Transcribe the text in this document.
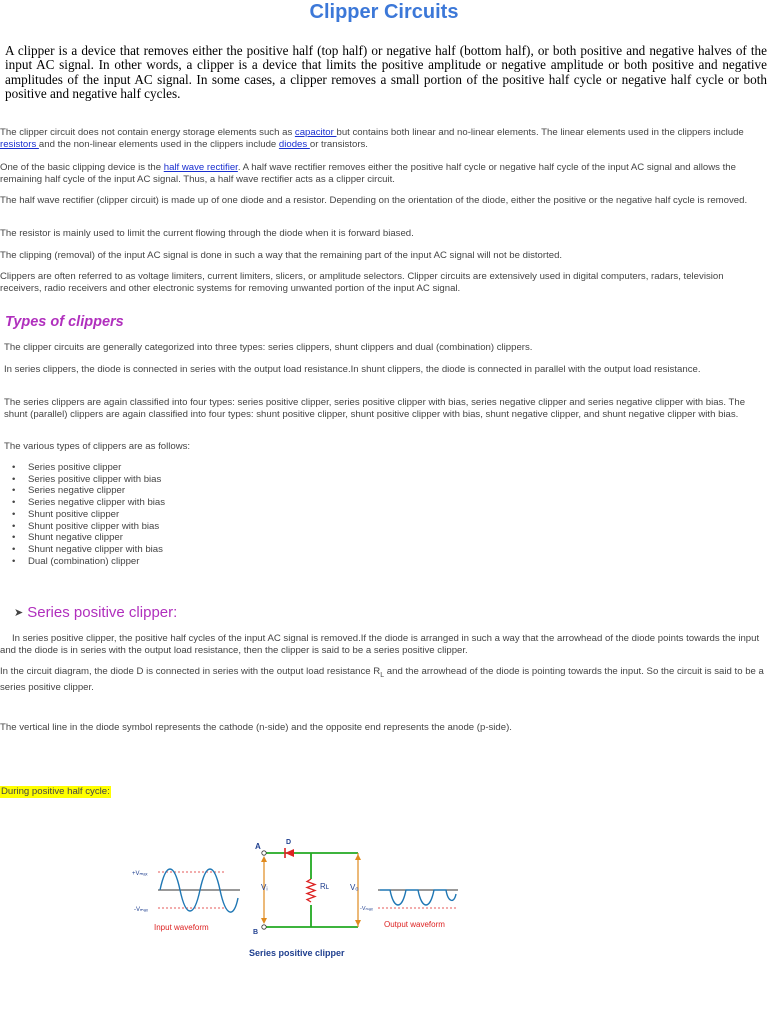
Clipper Circuits

A clipper is a device that removes either the positive half (top half) or negative half (bottom half), or both positive and negative halves of the input AC signal. In other words, a clipper is a device that limits the positive amplitude or negative amplitude or both positive and negative amplitudes of the input AC signal. In some cases, a clipper removes a small portion of the positive half cycle or negative half cycle or both positive and negative half cycles.

The clipper circuit does not contain energy storage elements such as capacitor but contains both linear and no-linear elements. The linear elements used in the clippers include resistors and the non-linear elements used in the clippers include diodes or transistors.

One of the basic clipping device is the half wave rectifier. A half wave rectifier removes either the positive half cycle or negative half cycle of the input AC signal and allows the remaining half cycle of the input AC signal. Thus, a half wave rectifier acts as a clipper circuit.

The half wave rectifier (clipper circuit) is made up of one diode and a resistor. Depending on the orientation of the diode, either the positive or the negative half cycle is removed.

The resistor is mainly used to limit the current flowing through the diode when it is forward biased.

The clipping (removal) of the input AC signal is done in such a way that the remaining part of the input AC signal will not be distorted.

Clippers are often referred to as voltage limiters, current limiters, slicers, or amplitude selectors. Clipper circuits are extensively used in digital computers, radars, television receivers, radio receivers and other electronic systems for removing unwanted portion of the input AC signal.

Types of clippers

The clipper circuits are generally categorized into three types: series clippers, shunt clippers and dual (combination) clippers.

In series clippers, the diode is connected in series with the output load resistance.In shunt clippers, the diode is connected in parallel with the output load resistance.

The series clippers are again classified into four types: series positive clipper, series positive clipper with bias, series negative clipper and series negative clipper with bias. The shunt (parallel) clippers are again classified into four types: shunt positive clipper, shunt positive clipper with bias, shunt negative clipper, and shunt negative clipper with bias.

The various types of clippers are as follows:

• Series positive clipper
• Series positive clipper with bias
• Series negative clipper
• Series negative clipper with bias
• Shunt positive clipper
• Shunt positive clipper with bias
• Shunt negative clipper
• Shunt negative clipper with bias
• Dual (combination) clipper
➤ Series positive clipper:

In series positive clipper, the positive half cycles of the input AC signal is removed.If the diode is arranged in such a way that the arrowhead of the diode points towards the input and the diode is in series with the output load resistance, then the clipper is said to be a series positive clipper.

In the circuit diagram, the diode D is connected in series with the output load resistance $R_L$ and the arrowhead of the diode is pointing towards the input. So the circuit is said to be a series positive clipper.

The vertical line in the diode symbol represents the cathode (n-side) and the opposite end represents the anode (p-side).

During positive half cycle:

+Vₘₐₓ
-Vₘₐₓ
Input waveform
A
B
D
Vᵢ	Rʟ	Vₒ
-Vₘₐₓ
Output waveform
Series positive clipper
